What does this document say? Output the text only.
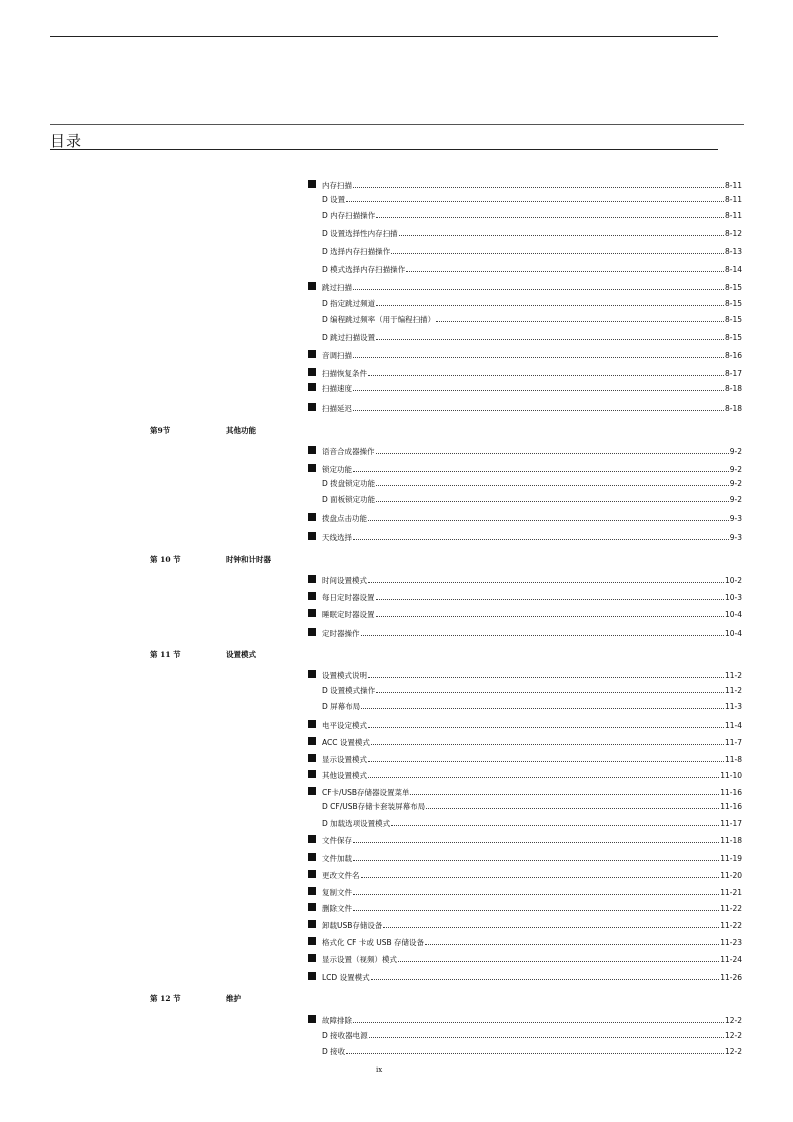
目录
内存扫描	8-11
D 设置	8-11
D 内存扫描操作	8-11
D 设置选择性内存扫描	8-12
D 选择内存扫描操作	8-13
D 模式选择内存扫描操作	8-14
跳过扫描	8-15
D 指定跳过频道	8-15
D 编程跳过频率（用于编程扫描）	8-15
D 跳过扫描设置	8-15
音调扫描	8-16
扫描恢复条件	8-17
扫描速度	8-18
扫描延迟	8-18
第9节	其他功能
语音合成器操作	9-2
锁定功能	9-2
D 拨盘锁定功能	9-2
D 面板锁定功能	9-2
拨盘点击功能	9-3
天线选择	9-3
第 10 节	时钟和计时器
时间设置模式	10-2
每日定时器设置	10-3
睡眠定时器设置	10-4
定时器操作	10-4
第 11 节	设置模式
设置模式说明	11-2
D 设置模式操作	11-2
D 屏幕布局	11-3
电平设定模式	11-4
ACC 设置模式	11-7
显示设置模式	11-8
其他设置模式	11-10
CF卡/USB存储器设置菜单	11-16
D CF/USB存储卡套装屏幕布局	11-16
D 加载选项设置模式	11-17
文件保存	11-18
文件加载	11-19
更改文件名	11-20
复制文件	11-21
删除文件	11-22
卸载USB存储设备	11-22
格式化 CF 卡或 USB 存储设备	11-23
显示设置（视频）模式	11-24
LCD 设置模式	11-26
第 12 节	维护
故障排除	12-2
D 接收器电源	12-2
D 接收	12-2
ix
